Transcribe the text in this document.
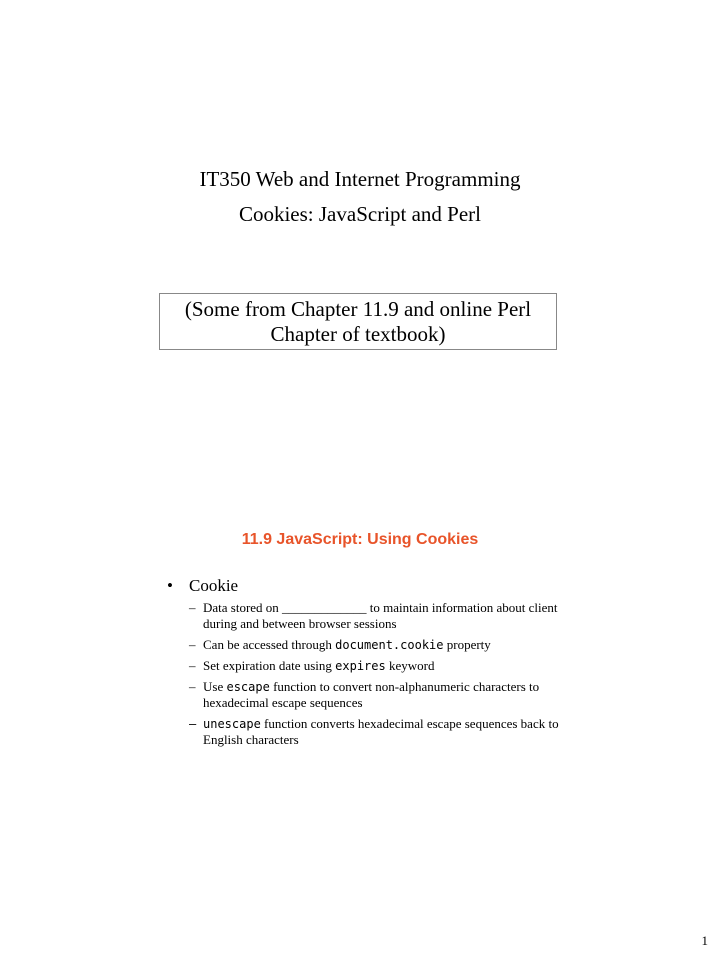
IT350 Web and Internet Programming
Cookies: JavaScript and Perl
(Some from Chapter 11.9 and online Perl
Chapter of textbook)
11.9 JavaScript: Using Cookies
• Cookie
– Data stored on _____________ to maintain information about client during and between browser sessions
– Can be accessed through document.cookie property
– Set expiration date using expires keyword
– Use escape function to convert non-alphanumeric characters to hexadecimal escape sequences
– unescape function converts hexadecimal escape sequences back to English characters
1
